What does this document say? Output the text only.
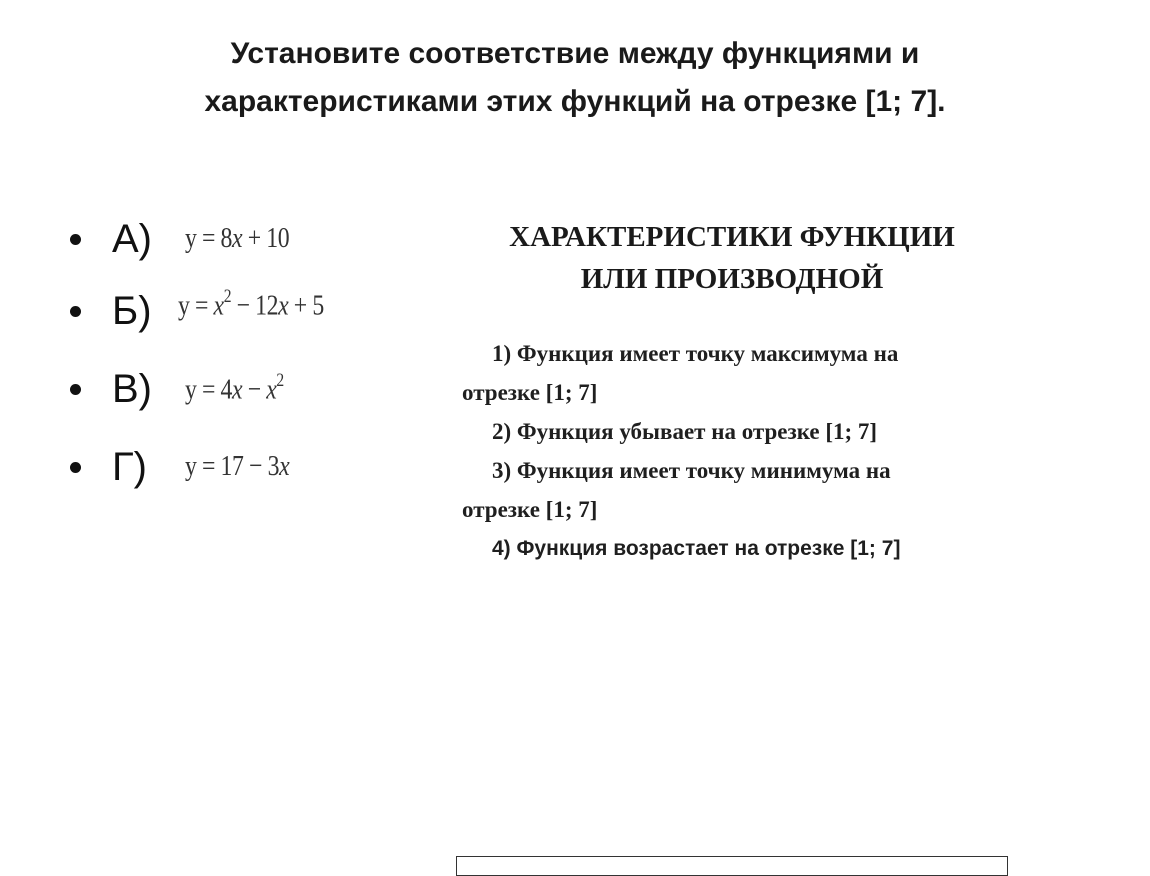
Установите соответствие между функциями и
характеристиками этих функций на отрезке [1; 7].
А) y = 8x + 10
Б) $y = x^2 - 12x + 5$
В) $y = 4x - x^2$
Г) y = 17 − 3x
ХАРАКТЕРИСТИКИ ФУНКЦИИ
ИЛИ ПРОИЗВОДНОЙ
1) Функция имеет точку максимума на
отрезке [1; 7]
2) Функция убывает на отрезке [1; 7]
3) Функция имеет точку минимума на
отрезке [1; 7]
4) Функция возрастает на отрезке [1; 7]
